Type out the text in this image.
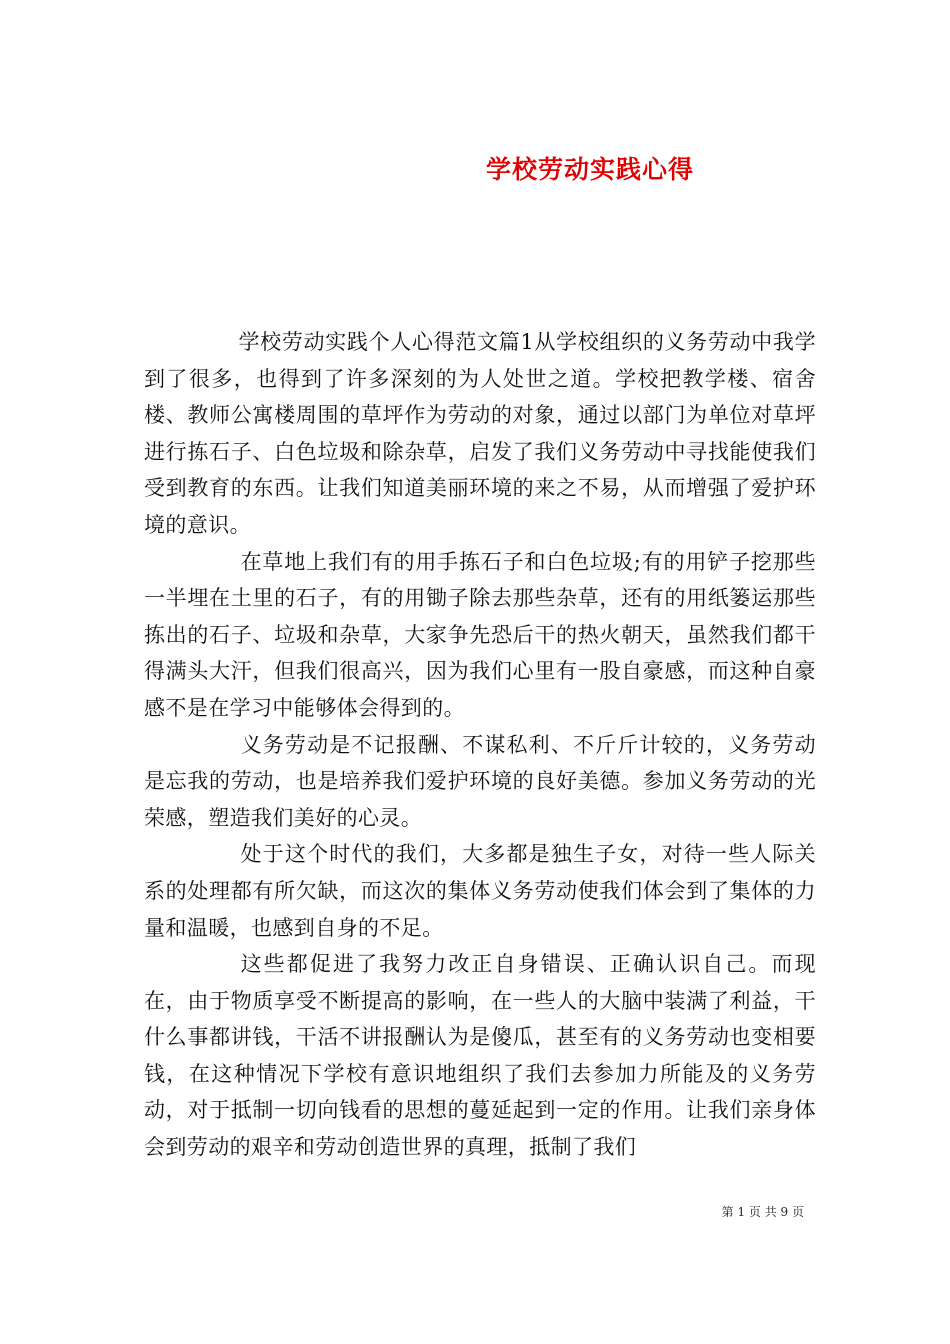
学校劳动实践心得

学校劳动实践个人心得范文篇1从学校组织的义务劳动中我学到了很多，也得到了许多深刻的为人处世之道。学校把教学楼、宿舍楼、教师公寓楼周围的草坪作为劳动的对象，通过以部门为单位对草坪进行拣石子、白色垃圾和除杂草，启发了我们义务劳动中寻找能使我们受到教育的东西。让我们知道美丽环境的来之不易，从而增强了爱护环境的意识。

在草地上我们有的用手拣石子和白色垃圾;有的用铲子挖那些一半埋在土里的石子，有的用锄子除去那些杂草，还有的用纸篓运那些拣出的石子、垃圾和杂草，大家争先恐后干的热火朝天，虽然我们都干得满头大汗，但我们很高兴，因为我们心里有一股自豪感，而这种自豪感不是在学习中能够体会得到的。

义务劳动是不记报酬、不谋私利、不斤斤计较的，义务劳动是忘我的劳动，也是培养我们爱护环境的良好美德。参加义务劳动的光荣感，塑造我们美好的心灵。

处于这个时代的我们，大多都是独生子女，对待一些人际关系的处理都有所欠缺，而这次的集体义务劳动使我们体会到了集体的力量和温暖，也感到自身的不足。

这些都促进了我努力改正自身错误、正确认识自己。而现在，由于物质享受不断提高的影响，在一些人的大脑中装满了利益，干什么事都讲钱，干活不讲报酬认为是傻瓜，甚至有的义务劳动也变相要钱，在这种情况下学校有意识地组织了我们去参加力所能及的义务劳动，对于抵制一切向钱看的思想的蔓延起到一定的作用。让我们亲身体会到劳动的艰辛和劳动创造世界的真理，抵制了我们

第 1 页 共 9 页
